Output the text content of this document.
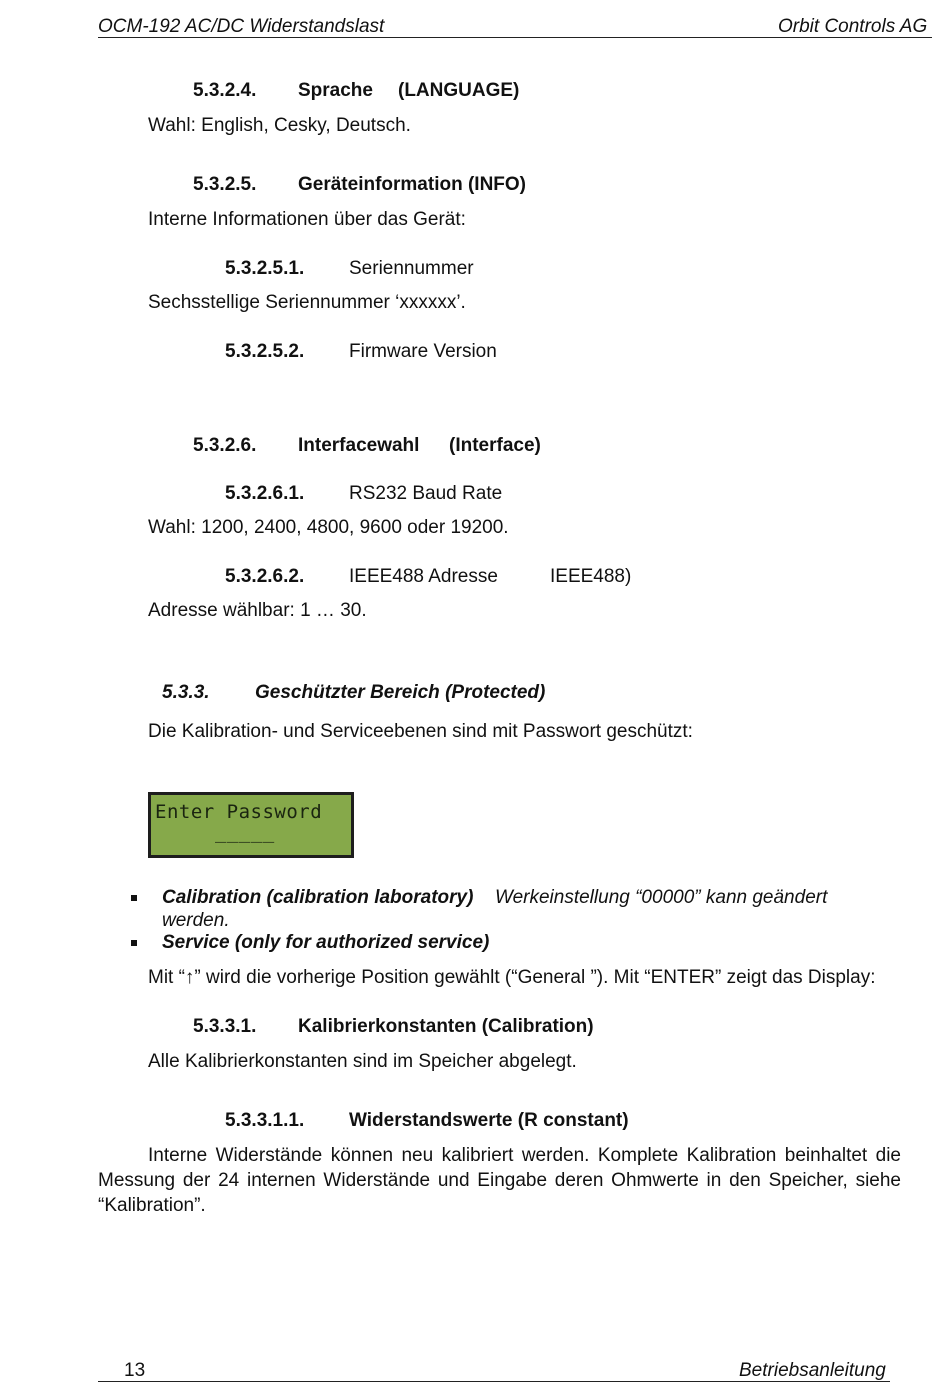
OCM-192 AC/DC Widerstandslast	Orbit Controls AG
5.3.2.4. Sprache (LANGUAGE)
Wahl: English, Cesky, Deutsch.
5.3.2.5. Geräteinformation (INFO)
Interne Informationen über das Gerät:
5.3.2.5.1. Seriennummer
Sechsstellige Seriennummer ‘xxxxxx’.
5.3.2.5.2. Firmware Version
5.3.2.6. Interfacewahl (Interface)
5.3.2.6.1. RS232 Baud Rate
Wahl: 1200, 2400, 4800, 9600 oder 19200.
5.3.2.6.2. IEEE488 Adresse	IEEE488)
Adresse wählbar: 1 … 30.
5.3.3. Geschützter Bereich (Protected)
Die Kalibration- und Serviceebenen sind mit Passwort geschützt:
Enter Password
_____
Calibration (calibration laboratory) Werkeinstellung “00000” kann geändert
werden.
Service (only for authorized service)
Mit “↑” wird die vorherige Position gewählt (“General ”). Mit “ENTER” zeigt das Display:
5.3.3.1. Kalibrierkonstanten (Calibration)
Alle Kalibrierkonstanten sind im Speicher abgelegt.
5.3.3.1.1. Widerstandswerte (R constant)
Interne Widerstände können neu kalibriert werden. Komplete Kalibration beinhaltet die Messung der 24 internen Widerstände und Eingabe deren Ohmwerte in den Speicher, siehe “Kalibration”.
13	Betriebsanleitung
